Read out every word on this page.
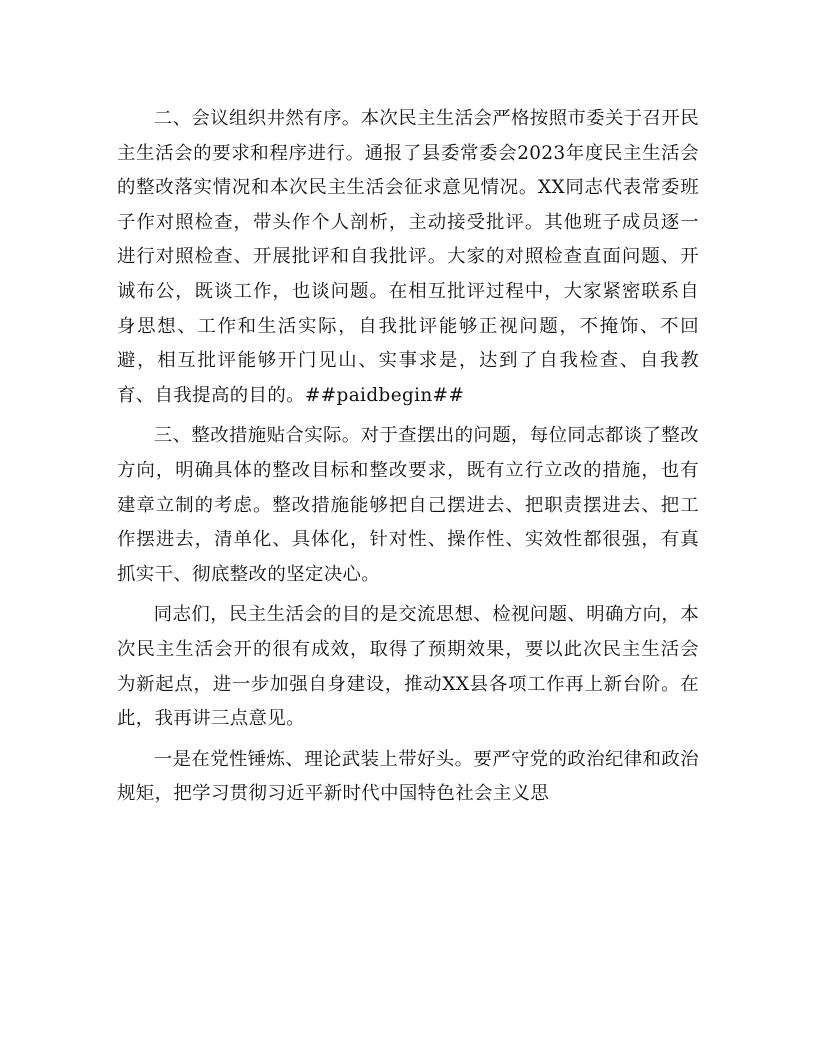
二、会议组织井然有序。本次民主生活会严格按照市委关于召开民主生活会的要求和程序进行。通报了县委常委会2023年度民主生活会的整改落实情况和本次民主生活会征求意见情况。XX同志代表常委班子作对照检查，带头作个人剖析，主动接受批评。其他班子成员逐一进行对照检查、开展批评和自我批评。大家的对照检查直面问题、开诚布公，既谈工作，也谈问题。在相互批评过程中，大家紧密联系自身思想、工作和生活实际，自我批评能够正视问题，不掩饰、不回避，相互批评能够开门见山、实事求是，达到了自我检查、自我教育、自我提高的目的。##paidbegin##

三、整改措施贴合实际。对于查摆出的问题，每位同志都谈了整改方向，明确具体的整改目标和整改要求，既有立行立改的措施，也有建章立制的考虑。整改措施能够把自己摆进去、把职责摆进去、把工作摆进去，清单化、具体化，针对性、操作性、实效性都很强，有真抓实干、彻底整改的坚定决心。

同志们，民主生活会的目的是交流思想、检视问题、明确方向，本次民主生活会开的很有成效，取得了预期效果，要以此次民主生活会为新起点，进一步加强自身建设，推动XX县各项工作再上新台阶。在此，我再讲三点意见。

一是在党性锤炼、理论武装上带好头。要严守党的政治纪律和政治规矩，把学习贯彻习近平新时代中国特色社会主义思
